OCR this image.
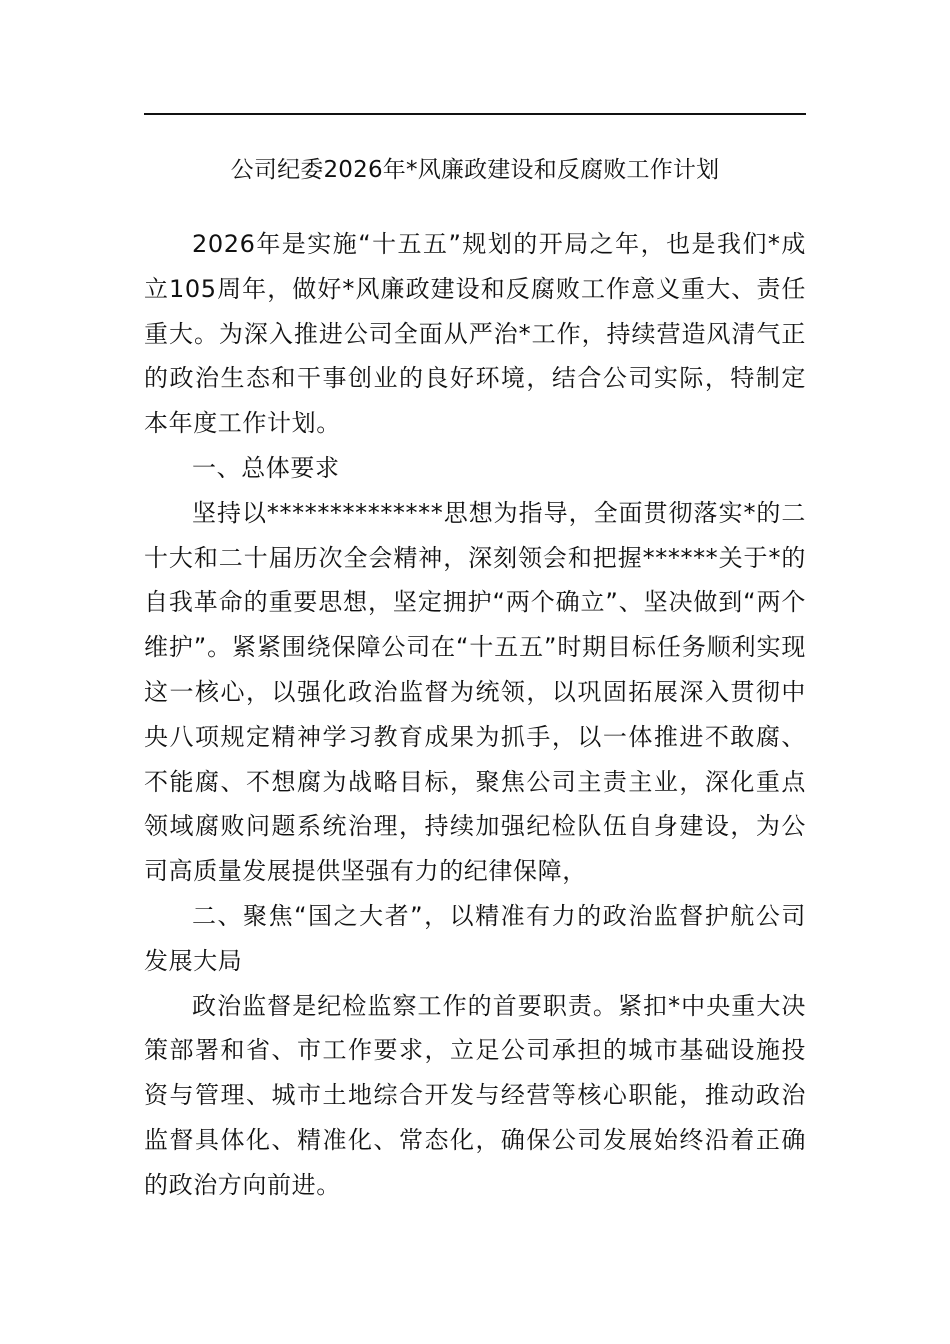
公司纪委2026年*风廉政建设和反腐败工作计划

2026年是实施“十五五”规划的开局之年，也是我们*成立105周年，做好*风廉政建设和反腐败工作意义重大、责任重大。为深入推进公司全面从严治*工作，持续营造风清气正的政治生态和干事创业的良好环境，结合公司实际，特制定本年度工作计划。

一、总体要求

坚持以**************思想为指导，全面贯彻落实*的二十大和二十届历次全会精神，深刻领会和把握******关于*的自我革命的重要思想，坚定拥护“两个确立”、坚决做到“两个维护”。紧紧围绕保障公司在“十五五”时期目标任务顺利实现这一核心，以强化政治监督为统领，以巩固拓展深入贯彻中央八项规定精神学习教育成果为抓手，以一体推进不敢腐、不能腐、不想腐为战略目标，聚焦公司主责主业，深化重点领域腐败问题系统治理，持续加强纪检队伍自身建设，为公司高质量发展提供坚强有力的纪律保障，

二、聚焦“国之大者”，以精准有力的政治监督护航公司发展大局

政治监督是纪检监察工作的首要职责。紧扣*中央重大决策部署和省、市工作要求，立足公司承担的城市基础设施投资与管理、城市土地综合开发与经营等核心职能，推动政治监督具体化、精准化、常态化，确保公司发展始终沿着正确的政治方向前进。
